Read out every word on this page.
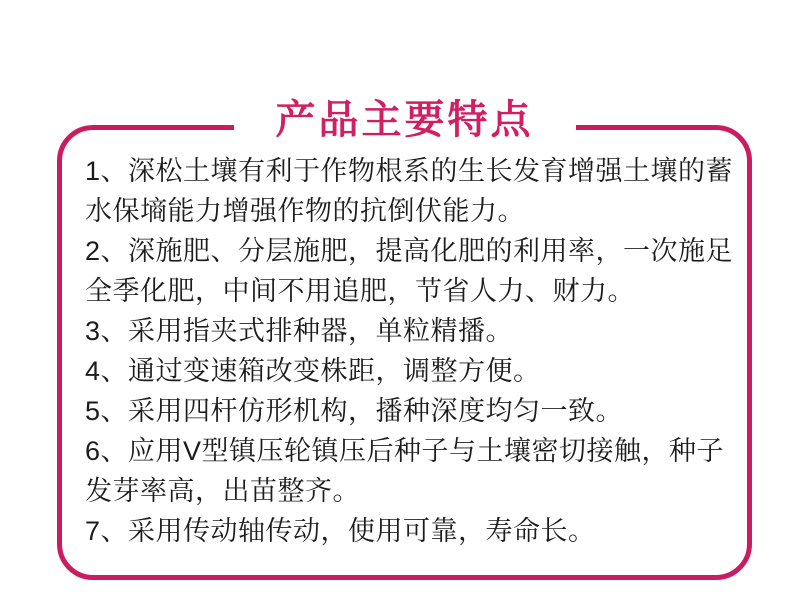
产品主要特点

1、深松土壤有利于作物根系的生长发育增强土壤的蓄水保墒能力增强作物的抗倒伏能力。

2、深施肥、分层施肥，提高化肥的利用率，一次施足全季化肥，中间不用追肥，节省人力、财力。

3、采用指夹式排种器，单粒精播。

4、通过变速箱改变株距，调整方便。

5、采用四杆仿形机构，播种深度均匀一致。

6、应用V型镇压轮镇压后种子与土壤密切接触，种子发芽率高，出苗整齐。

7、采用传动轴传动，使用可靠，寿命长。
